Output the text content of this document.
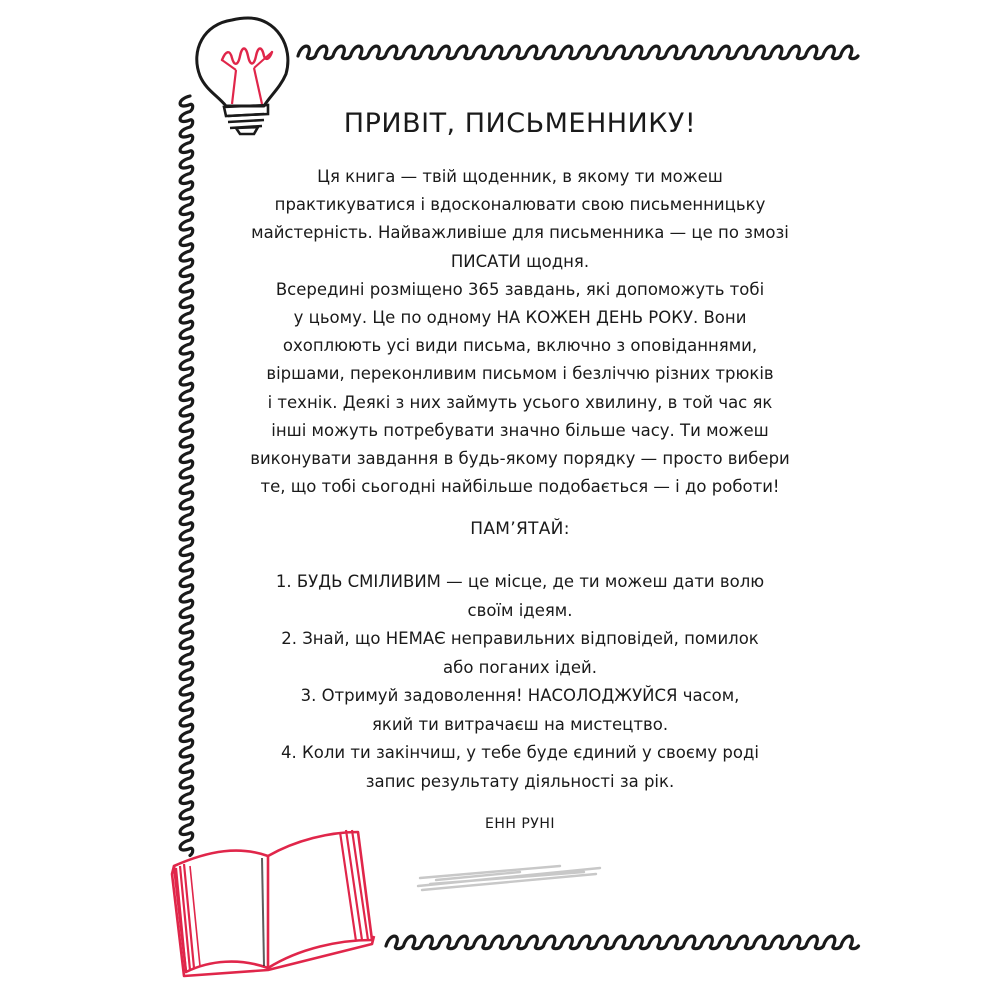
ПРИВІТ, ПИСЬМЕННИКУ!
Ця книга — твій щоденник, в якому ти можеш
практикуватися і вдосконалювати свою письменницьку
майстерність. Найважливіше для письменника — це по змозі
ПИСАТИ щодня.
Всередині розміщено 365 завдань, які допоможуть тобі
у цьому. Це по одному НА КОЖЕН ДЕНЬ РОКУ. Вони
охоплюють усі види письма, включно з оповіданнями,
віршами, переконливим письмом і безліччю різних трюків
і технік. Деякі з них займуть усього хвилину, в той час як
інші можуть потребувати значно більше часу. Ти можеш
виконувати завдання в будь-якому порядку — просто вибери
те, що тобі сьогодні найбільше подобається — і до роботи!
ПАМ’ЯТАЙ:
1. БУДЬ СМІЛИВИМ — це місце, де ти можеш дати волю
своїм ідеям.
2. Знай, що НЕМАЄ неправильних відповідей, помилок
або поганих ідей.
3. Отримуй задоволення! НАСОЛОДЖУЙСЯ часом,
який ти витрачаєш на мистецтво.
4. Коли ти закінчиш, у тебе буде єдиний у своєму роді
запис результату діяльності за рік.
ЕНН РУНІ
